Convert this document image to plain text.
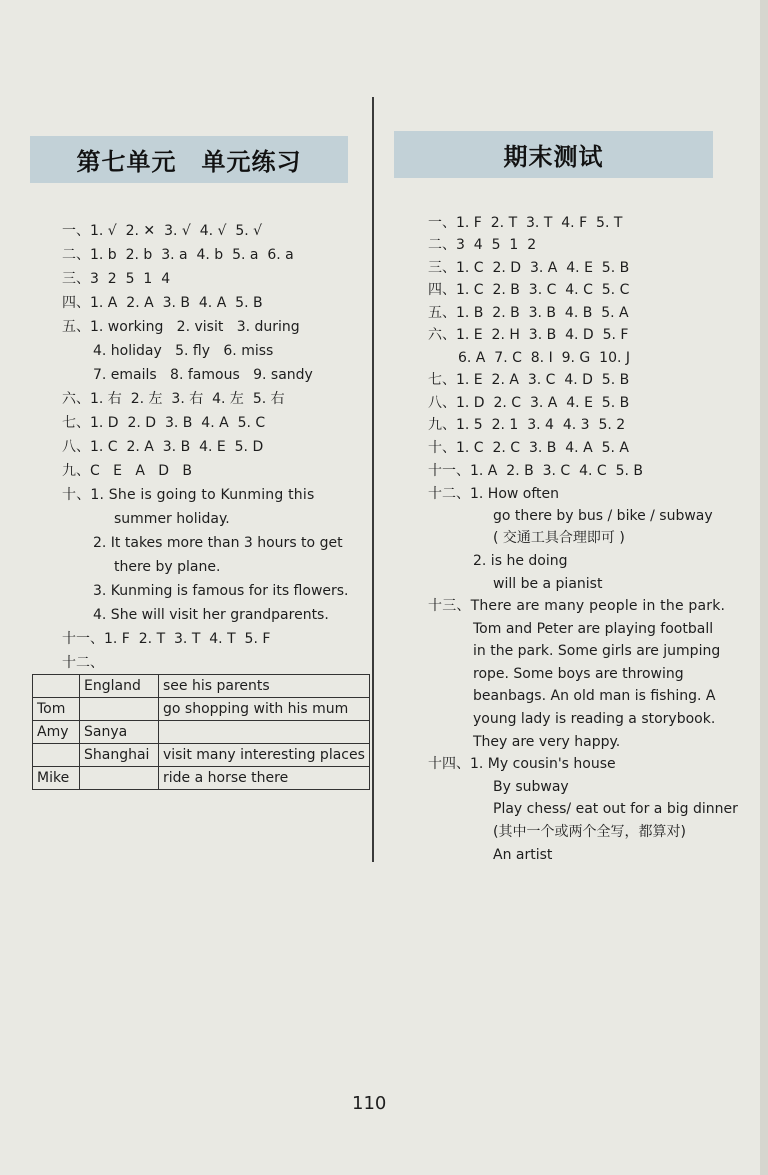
第七单元　单元练习	期末测试
一、1. √  2. ✕  3. √  4. √  5. √
二、1. b  2. b  3. a  4. b  5. a  6. a
三、3  2  5  1  4
四、1. A  2. A  3. B  4. A  5. B
五、1. working   2. visit   3. during
4. holiday   5. fly   6. miss
7. emails   8. famous   9. sandy
六、1. 右  2. 左  3. 右  4. 左  5. 右
七、1. D  2. D  3. B  4. A  5. C
八、1. C  2. A  3. B  4. E  5. D
九、C   E   A   D   B
十、1. She is going to Kunming this
summer holiday.
2. It takes more than 3 hours to get
there by plane.
3. Kunming is famous for its flowers.
4. She will visit her grandparents.
十一、1. F  2. T  3. T  4. T  5. F
十二、
	England	see his parents
Tom		go shopping with his mum
Amy	Sanya	
	Shanghai	visit many interesting places
Mike		ride a horse there
一、1. F  2. T  3. T  4. F  5. T
二、3  4  5  1  2
三、1. C  2. D  3. A  4. E  5. B
四、1. C  2. B  3. C  4. C  5. C
五、1. B  2. B  3. B  4. B  5. A
六、1. E  2. H  3. B  4. D  5. F
6. A  7. C  8. I  9. G  10. J
七、1. E  2. A  3. C  4. D  5. B
八、1. D  2. C  3. A  4. E  5. B
九、1. 5  2. 1  3. 4  4. 3  5. 2
十、1. C  2. C  3. B  4. A  5. A
十一、1. A  2. B  3. C  4. C  5. B
十二、1. How often
go there by bus / bike / subway
( 交通工具合理即可 )
2. is he doing
will be a pianist
十三、There are many people in the park.
Tom and Peter are playing football
in the park. Some girls are jumping
rope. Some boys are throwing
beanbags. An old man is fishing. A
young lady is reading a storybook.
They are very happy.
十四、1. My cousin's house
By subway
Play chess/ eat out for a big dinner
(其中一个或两个全写，都算对)
An artist
110
